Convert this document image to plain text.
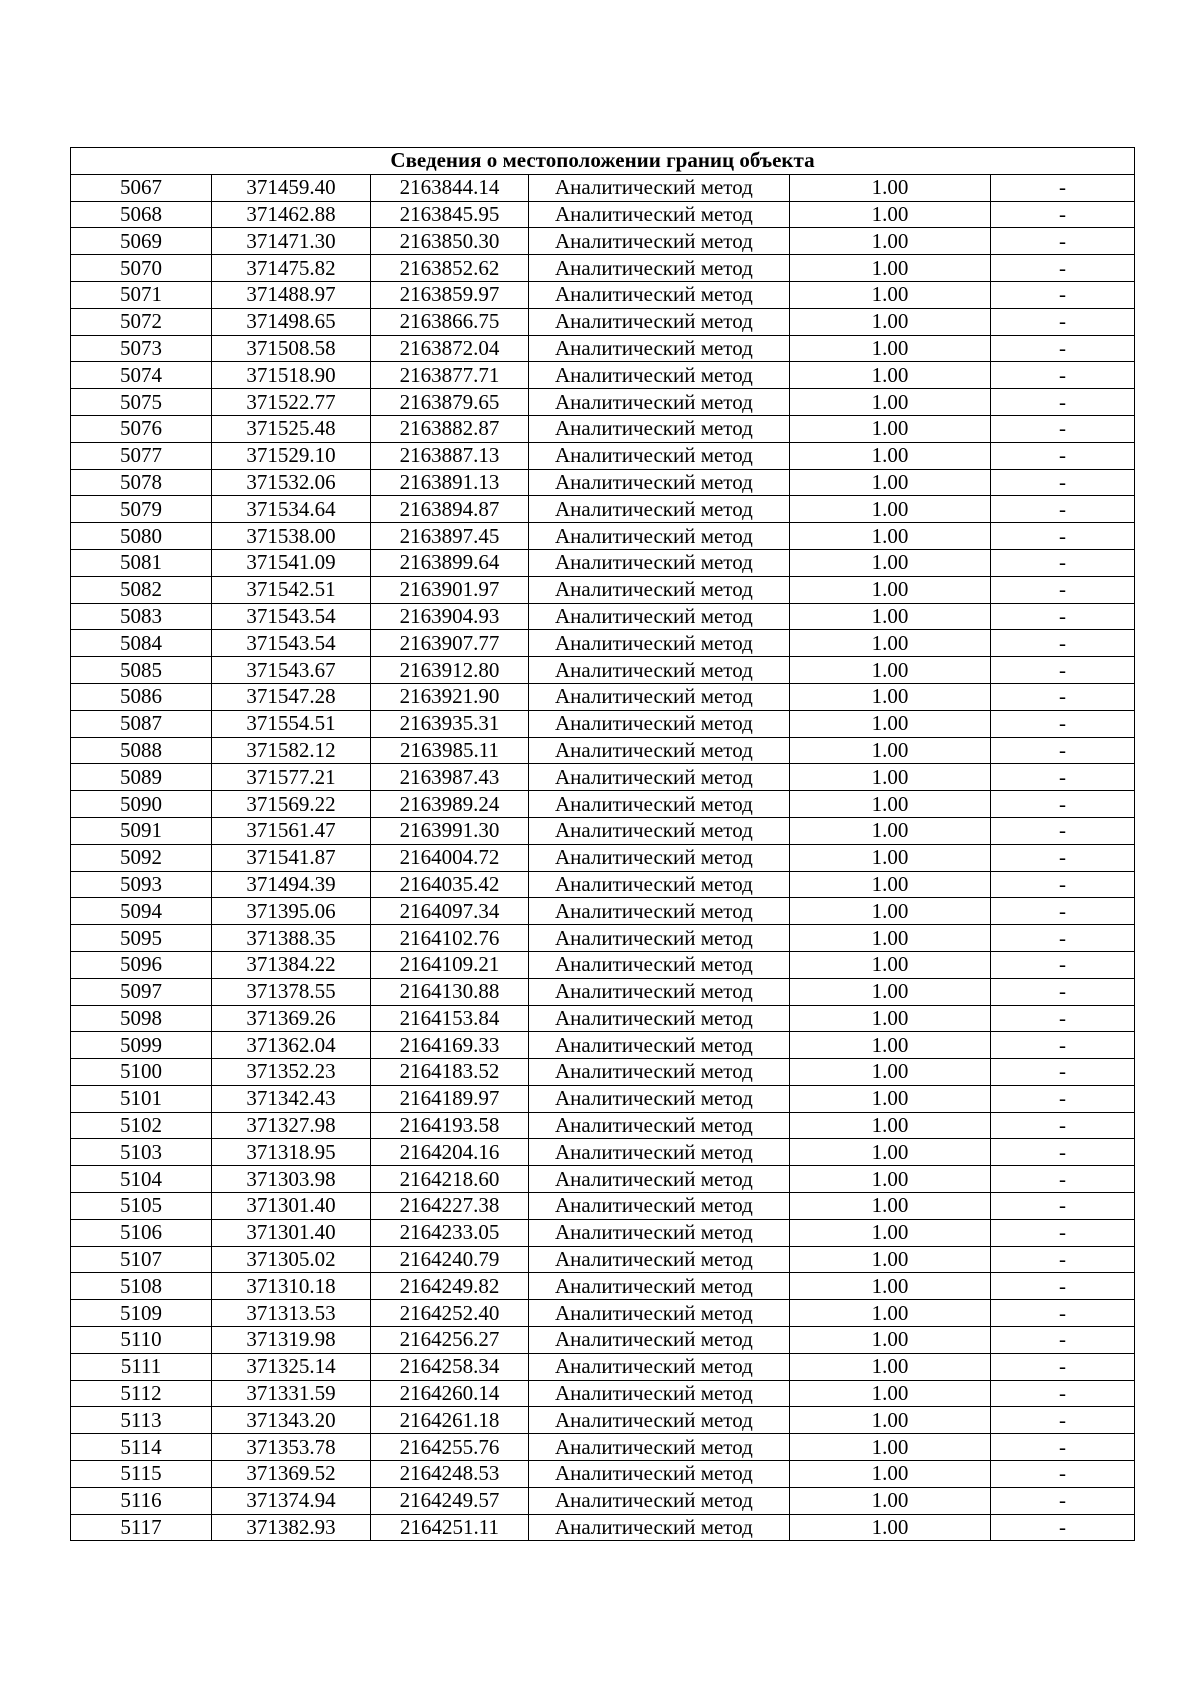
Сведения о местоположении границ объекта					
5067	371459.40	2163844.14	Аналитический метод	1.00	-
5068	371462.88	2163845.95	Аналитический метод	1.00	-
5069	371471.30	2163850.30	Аналитический метод	1.00	-
5070	371475.82	2163852.62	Аналитический метод	1.00	-
5071	371488.97	2163859.97	Аналитический метод	1.00	-
5072	371498.65	2163866.75	Аналитический метод	1.00	-
5073	371508.58	2163872.04	Аналитический метод	1.00	-
5074	371518.90	2163877.71	Аналитический метод	1.00	-
5075	371522.77	2163879.65	Аналитический метод	1.00	-
5076	371525.48	2163882.87	Аналитический метод	1.00	-
5077	371529.10	2163887.13	Аналитический метод	1.00	-
5078	371532.06	2163891.13	Аналитический метод	1.00	-
5079	371534.64	2163894.87	Аналитический метод	1.00	-
5080	371538.00	2163897.45	Аналитический метод	1.00	-
5081	371541.09	2163899.64	Аналитический метод	1.00	-
5082	371542.51	2163901.97	Аналитический метод	1.00	-
5083	371543.54	2163904.93	Аналитический метод	1.00	-
5084	371543.54	2163907.77	Аналитический метод	1.00	-
5085	371543.67	2163912.80	Аналитический метод	1.00	-
5086	371547.28	2163921.90	Аналитический метод	1.00	-
5087	371554.51	2163935.31	Аналитический метод	1.00	-
5088	371582.12	2163985.11	Аналитический метод	1.00	-
5089	371577.21	2163987.43	Аналитический метод	1.00	-
5090	371569.22	2163989.24	Аналитический метод	1.00	-
5091	371561.47	2163991.30	Аналитический метод	1.00	-
5092	371541.87	2164004.72	Аналитический метод	1.00	-
5093	371494.39	2164035.42	Аналитический метод	1.00	-
5094	371395.06	2164097.34	Аналитический метод	1.00	-
5095	371388.35	2164102.76	Аналитический метод	1.00	-
5096	371384.22	2164109.21	Аналитический метод	1.00	-
5097	371378.55	2164130.88	Аналитический метод	1.00	-
5098	371369.26	2164153.84	Аналитический метод	1.00	-
5099	371362.04	2164169.33	Аналитический метод	1.00	-
5100	371352.23	2164183.52	Аналитический метод	1.00	-
5101	371342.43	2164189.97	Аналитический метод	1.00	-
5102	371327.98	2164193.58	Аналитический метод	1.00	-
5103	371318.95	2164204.16	Аналитический метод	1.00	-
5104	371303.98	2164218.60	Аналитический метод	1.00	-
5105	371301.40	2164227.38	Аналитический метод	1.00	-
5106	371301.40	2164233.05	Аналитический метод	1.00	-
5107	371305.02	2164240.79	Аналитический метод	1.00	-
5108	371310.18	2164249.82	Аналитический метод	1.00	-
5109	371313.53	2164252.40	Аналитический метод	1.00	-
5110	371319.98	2164256.27	Аналитический метод	1.00	-
5111	371325.14	2164258.34	Аналитический метод	1.00	-
5112	371331.59	2164260.14	Аналитический метод	1.00	-
5113	371343.20	2164261.18	Аналитический метод	1.00	-
5114	371353.78	2164255.76	Аналитический метод	1.00	-
5115	371369.52	2164248.53	Аналитический метод	1.00	-
5116	371374.94	2164249.57	Аналитический метод	1.00	-
5117	371382.93	2164251.11	Аналитический метод	1.00	-
